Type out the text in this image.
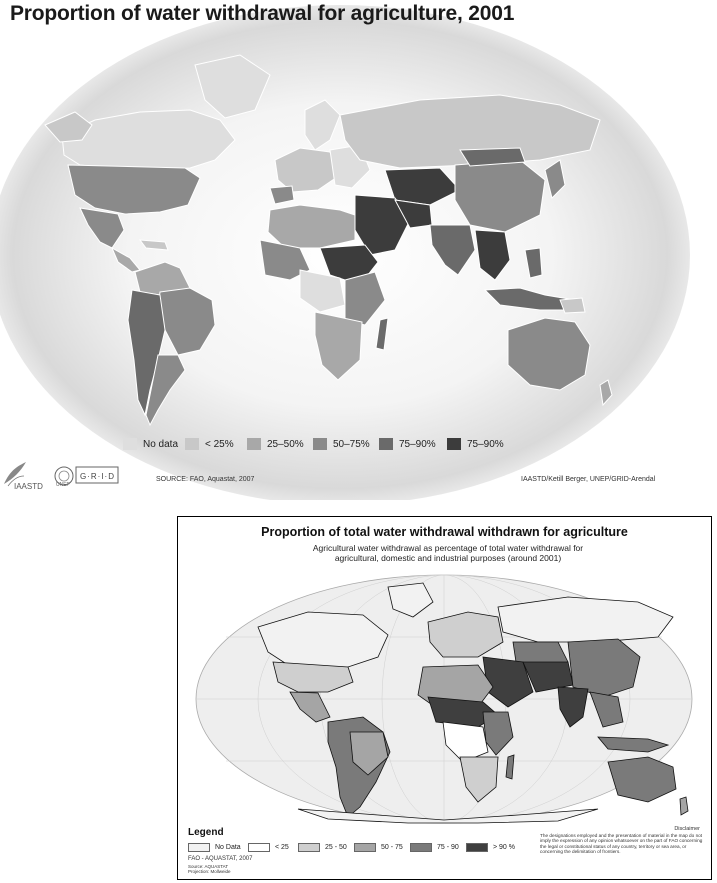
Proportion of water withdrawal for agriculture, 2001
No data	< 25%	25–50%	50–75%	75–90%	75–90%
IAASTD	UNEP
G·R·I·D	SOURCE: FAO, Aquastat, 2007	IAASTD/Ketill Berger, UNEP/GRID-Arendal
Proportion of total water withdrawal withdrawn for agriculture
Agricultural water withdrawal as percentage of total water withdrawal for agricultural, domestic and industrial purposes (around 2001)
Legend
No Data	< 25	25 - 50	50 - 75	75 - 90	> 90 %
FAO - AQUASTAT, 2007
Source: AQUASTAT
Projection: Mollweide
Disclaimer
The designations employed and the presentation of material in the map do not imply the expression of any opinion whatsoever on the part of FAO concerning the legal or constitutional status of any country, territory or sea area, or concerning the delimitation of frontiers.
